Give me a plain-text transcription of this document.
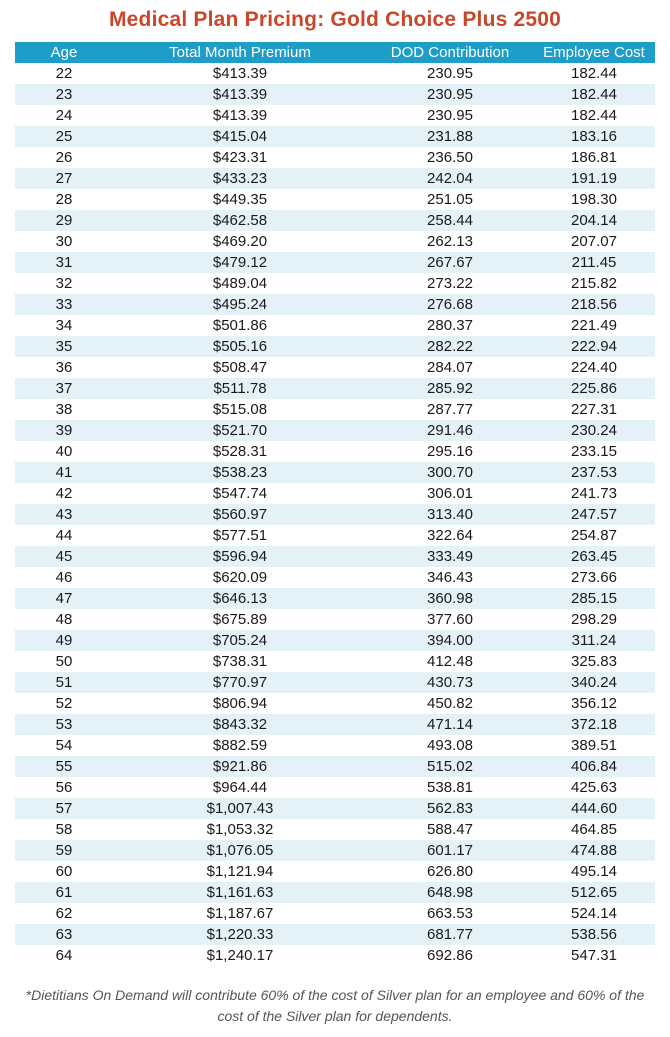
Medical Plan Pricing: Gold Choice Plus 2500
Age	Total Month Premium	DOD Contribution	Employee Cost
22	$413.39	230.95	182.44
23	$413.39	230.95	182.44
24	$413.39	230.95	182.44
25	$415.04	231.88	183.16
26	$423.31	236.50	186.81
27	$433.23	242.04	191.19
28	$449.35	251.05	198.30
29	$462.58	258.44	204.14
30	$469.20	262.13	207.07
31	$479.12	267.67	211.45
32	$489.04	273.22	215.82
33	$495.24	276.68	218.56
34	$501.86	280.37	221.49
35	$505.16	282.22	222.94
36	$508.47	284.07	224.40
37	$511.78	285.92	225.86
38	$515.08	287.77	227.31
39	$521.70	291.46	230.24
40	$528.31	295.16	233.15
41	$538.23	300.70	237.53
42	$547.74	306.01	241.73
43	$560.97	313.40	247.57
44	$577.51	322.64	254.87
45	$596.94	333.49	263.45
46	$620.09	346.43	273.66
47	$646.13	360.98	285.15
48	$675.89	377.60	298.29
49	$705.24	394.00	311.24
50	$738.31	412.48	325.83
51	$770.97	430.73	340.24
52	$806.94	450.82	356.12
53	$843.32	471.14	372.18
54	$882.59	493.08	389.51
55	$921.86	515.02	406.84
56	$964.44	538.81	425.63
57	$1,007.43	562.83	444.60
58	$1,053.32	588.47	464.85
59	$1,076.05	601.17	474.88
60	$1,121.94	626.80	495.14
61	$1,161.63	648.98	512.65
62	$1,187.67	663.53	524.14
63	$1,220.33	681.77	538.56
64	$1,240.17	692.86	547.31
*Dietitians On Demand will contribute 60% of the cost of Silver plan for an employee and 60% of the cost of the Silver plan for dependents.
